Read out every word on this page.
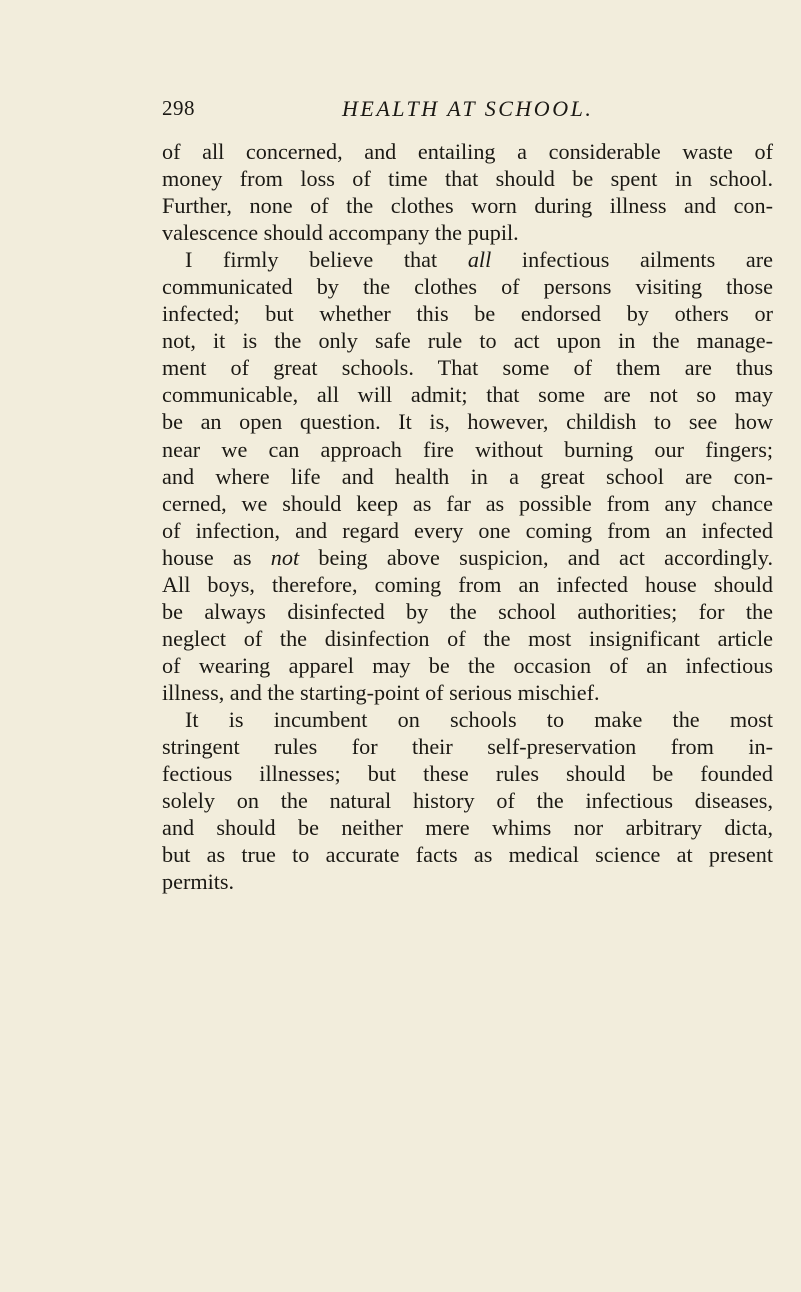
298	HEALTH AT SCHOOL.

of all concerned, and entailing a considerable waste of
money from loss of time that should be spent in school.
Further, none of the clothes worn during illness and con-
valescence should accompany the pupil.

I firmly believe that all infectious ailments are
communicated by the clothes of persons visiting those
infected; but whether this be endorsed by others or
not, it is the only safe rule to act upon in the manage-
ment of great schools. That some of them are thus
communicable, all will admit; that some are not so may
be an open question. It is, however, childish to see how
near we can approach fire without burning our fingers;
and where life and health in a great school are con-
cerned, we should keep as far as possible from any chance
of infection, and regard every one coming from an infected
house as not being above suspicion, and act accordingly.
All boys, therefore, coming from an infected house should
be always disinfected by the school authorities; for the
neglect of the disinfection of the most insignificant article
of wearing apparel may be the occasion of an infectious
illness, and the starting-point of serious mischief.

It is incumbent on schools to make the most
stringent rules for their self-preservation from in-
fectious illnesses; but these rules should be founded
solely on the natural history of the infectious diseases,
and should be neither mere whims nor arbitrary dicta,
but as true to accurate facts as medical science at present
permits.
